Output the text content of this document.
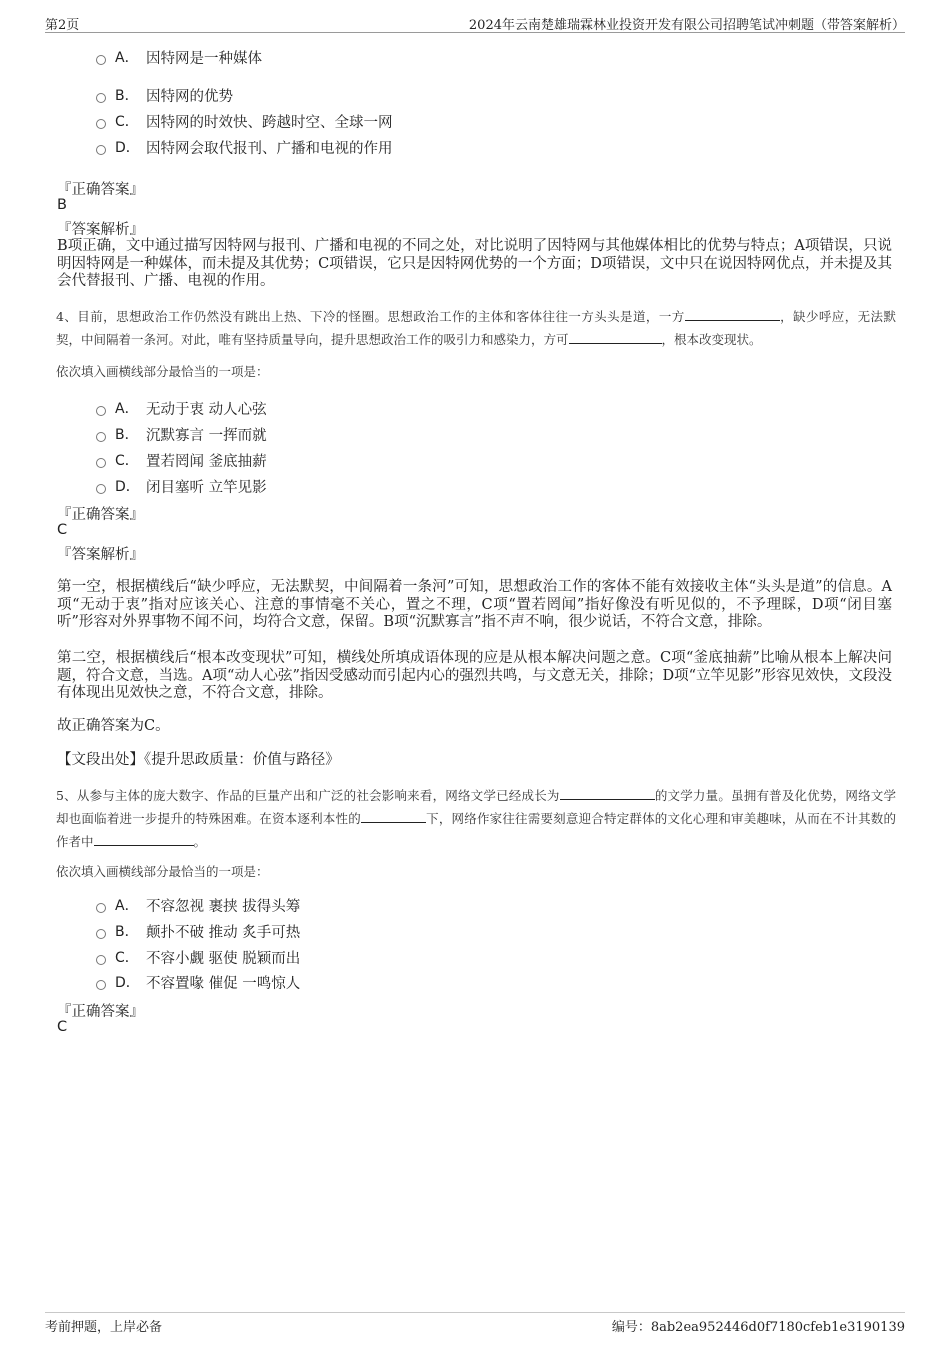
第2页	2024年云南楚雄瑞霖林业投资开发有限公司招聘笔试冲刺题（带答案解析）
A． 因特网是一种媒体
B． 因特网的优势
C． 因特网的时效快、跨越时空、全球一网
D． 因特网会取代报刊、广播和电视的作用
『正确答案』
B
『答案解析』
B项正确，文中通过描写因特网与报刊、广播和电视的不同之处，对比说明了因特网与其他媒体相比的优势与特点；A项错误，只说明因特网是一种媒体，而未提及其优势；C项错误，它只是因特网优势的一个方面；D项错误，文中只在说因特网优点，并未提及其会代替报刊、广播、电视的作用。
4、目前，思想政治工作仍然没有跳出上热、下冷的怪圈。思想政治工作的主体和客体往往一方头头是道，一方	，缺少呼应，无法默契，中间隔着一条河。对此，唯有坚持质量导向，提升思想政治工作的吸引力和感染力，方可	，根本改变现状。
依次填入画横线部分最恰当的一项是：
A． 无动于衷 动人心弦
B． 沉默寡言 一挥而就
C． 置若罔闻 釜底抽薪
D． 闭目塞听 立竿见影
『正确答案』
C
『答案解析』
第一空，根据横线后“缺少呼应，无法默契，中间隔着一条河”可知，思想政治工作的客体不能有效接收主体“头头是道”的信息。A项“无动于衷”指对应该关心、注意的事情毫不关心，置之不理，C项“置若罔闻”指好像没有听见似的，不予理睬，D项“闭目塞听”形容对外界事物不闻不问，均符合文意，保留。B项“沉默寡言”指不声不响，很少说话，不符合文意，排除。
第二空，根据横线后“根本改变现状”可知，横线处所填成语体现的应是从根本解决问题之意。C项“釜底抽薪”比喻从根本上解决问题，符合文意，当选。A项“动人心弦”指因受感动而引起内心的强烈共鸣，与文意无关，排除；D项“立竿见影”形容见效快，文段没有体现出见效快之意，不符合文意，排除。
故正确答案为C。
【文段出处】《提升思政质量：价值与路径》
5、从参与主体的庞大数字、作品的巨量产出和广泛的社会影响来看，网络文学已经成长为	的文学力量。虽拥有普及化优势，网络文学却也面临着进一步提升的特殊困难。在资本逐利本性的	下，网络作家往往需要刻意迎合特定群体的文化心理和审美趣味，从而在不计其数的作者中	。
依次填入画横线部分最恰当的一项是：
A． 不容忽视 裹挟 拔得头筹
B． 颠扑不破 推动 炙手可热
C． 不容小觑 驱使 脱颖而出
D． 不容置喙 催促 一鸣惊人
『正确答案』
C
考前押题，上岸必备	编号：8ab2ea952446d0f7180cfeb1e3190139
